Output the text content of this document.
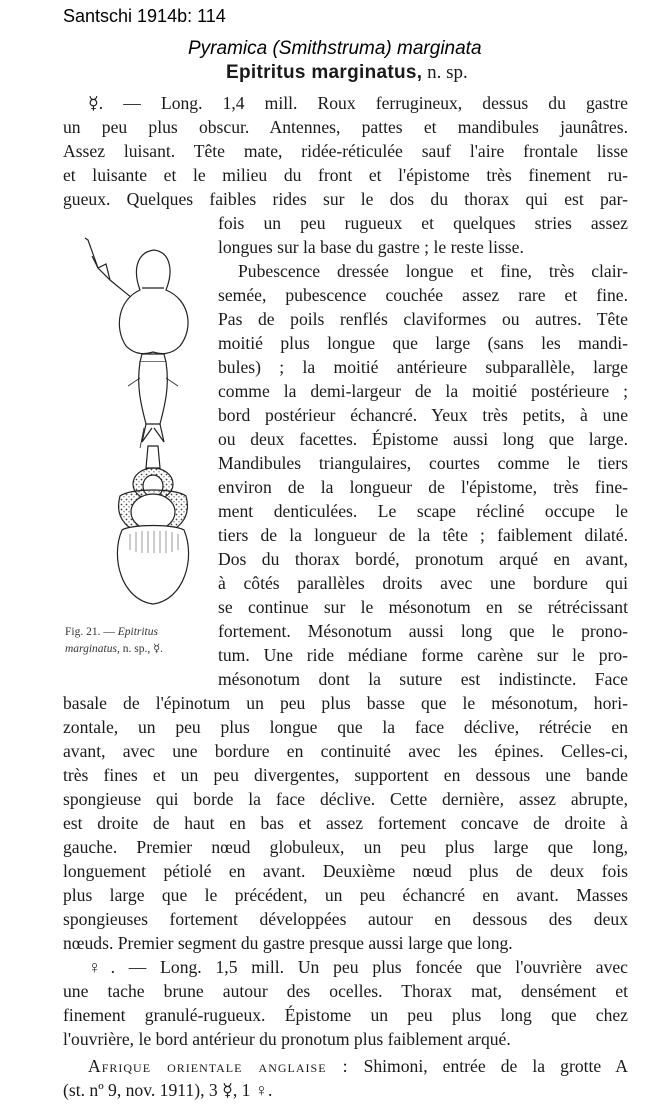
Santschi 1914b: 114
Pyramica (Smithstruma) marginata
Epitritus marginatus, n. sp.
☿. — Long. 1,4 mill. Roux ferrugineux, dessus du gastre
un peu plus obscur. Antennes, pattes et mandibules jaunâtres.
Assez luisant. Tête mate, ridée-réticulée sauf l'aire frontale lisse
et luisante et le milieu du front et l'épistome très finement ru-
gueux. Quelques faibles rides sur le dos du thorax qui est par-
fois un peu rugueux et quelques stries assez
longues sur la base du gastre ; le reste lisse.
Pubescence dressée longue et fine, très clair-
semée, pubescence couchée assez rare et fine.
Pas de poils renflés claviformes ou autres. Tête
moitié plus longue que large (sans les mandi-
bules) ; la moitié antérieure subparallèle, large
comme la demi-largeur de la moitié postérieure ;
bord postérieur échancré. Yeux très petits, à une
ou deux facettes. Épistome aussi long que large.
Mandibules triangulaires, courtes comme le tiers
environ de la longueur de l'épistome, très fine-
ment denticulées. Le scape récliné occupe le
tiers de la longueur de la tête ; faiblement dilaté.
Dos du thorax bordé, pronotum arqué en avant,
à côtés parallèles droits avec une bordure qui
se continue sur le mésonotum en se rétrécissant
fortement. Mésonotum aussi long que le prono-
tum. Une ride médiane forme carène sur le pro-
mésonotum dont la suture est indistincte. Face
basale de l'épinotum un peu plus basse que le mésonotum, hori-
zontale, un peu plus longue que la face déclive, rétrécie en
avant, avec une bordure en continuité avec les épines. Celles-ci,
très fines et un peu divergentes, supportent en dessous une bande
spongieuse qui borde la face déclive. Cette dernière, assez abrupte,
est droite de haut en bas et assez fortement concave de droite à
gauche. Premier nœud globuleux, un peu plus large que long,
longuement pétiolé en avant. Deuxième nœud plus de deux fois
plus large que le précédent, un peu échancré en avant. Masses
spongieuses fortement développées autour en dessous des deux
nœuds. Premier segment du gastre presque aussi large que long.
♀. — Long. 1,5 mill. Un peu plus foncée que l'ouvrière avec
une tache brune autour des ocelles. Thorax mat, densément et
finement granulé-rugueux. Épistome un peu plus long que chez
l'ouvrière, le bord antérieur du pronotum plus faiblement arqué.
Afrique orientale anglaise : Shimoni, entrée de la grotte A
(st. nº 9, nov. 1911), 3 ☿, 1 ♀.
Fig. 21. — Epitritus
marginatus, n. sp., ☿.
